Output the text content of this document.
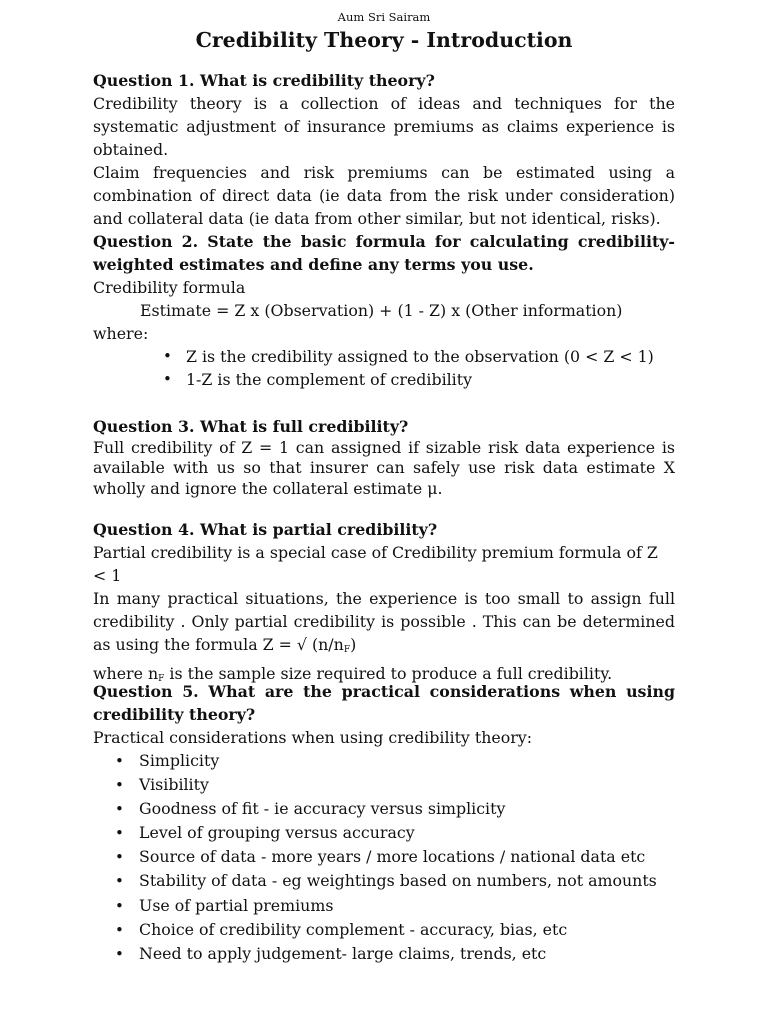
Aum Sri Sairam
Credibility Theory - Introduction
Question 1. What is credibility theory?
Credibility theory is a collection of ideas and techniques for the systematic adjustment of insurance premiums as claims experience is obtained.
Claim frequencies and risk premiums can be estimated using a combination of direct data (ie data from the risk under consideration) and collateral data (ie data from other similar, but not identical, risks).
Question 2. State the basic formula for calculating credibility-
weighted estimates and define any terms you use.
Credibility formula
Estimate = Z x (Observation) + (1 - Z) x (Other information)
where:
• Z is the credibility assigned to the observation (0 < Z < 1)
• 1-Z is the complement of credibility
Question 3. What is full credibility?
Full credibility of Z = 1 can assigned if sizable risk data experience is available with us so that insurer can safely use risk data estimate X wholly and ignore the collateral estimate μ.
Question 4. What is partial credibility?
Partial credibility is a special case of Credibility premium formula of Z < 1
In many practical situations, the experience is too small to assign full credibility . Only partial credibility is possible . This can be determined as using the formula Z = √ $(n/n_F)$
where $n_F$ is the sample size required to produce a full credibility.
Question 5. What are the practical considerations when using
credibility theory?
Practical considerations when using credibility theory:
• Simplicity
• Visibility
• Goodness of fit - ie accuracy versus simplicity
• Level of grouping versus accuracy
• Source of data - more years / more locations / national data etc
• Stability of data - eg weightings based on numbers, not amounts
• Use of partial premiums
• Choice of credibility complement - accuracy, bias, etc
• Need to apply judgement- large claims, trends, etc
